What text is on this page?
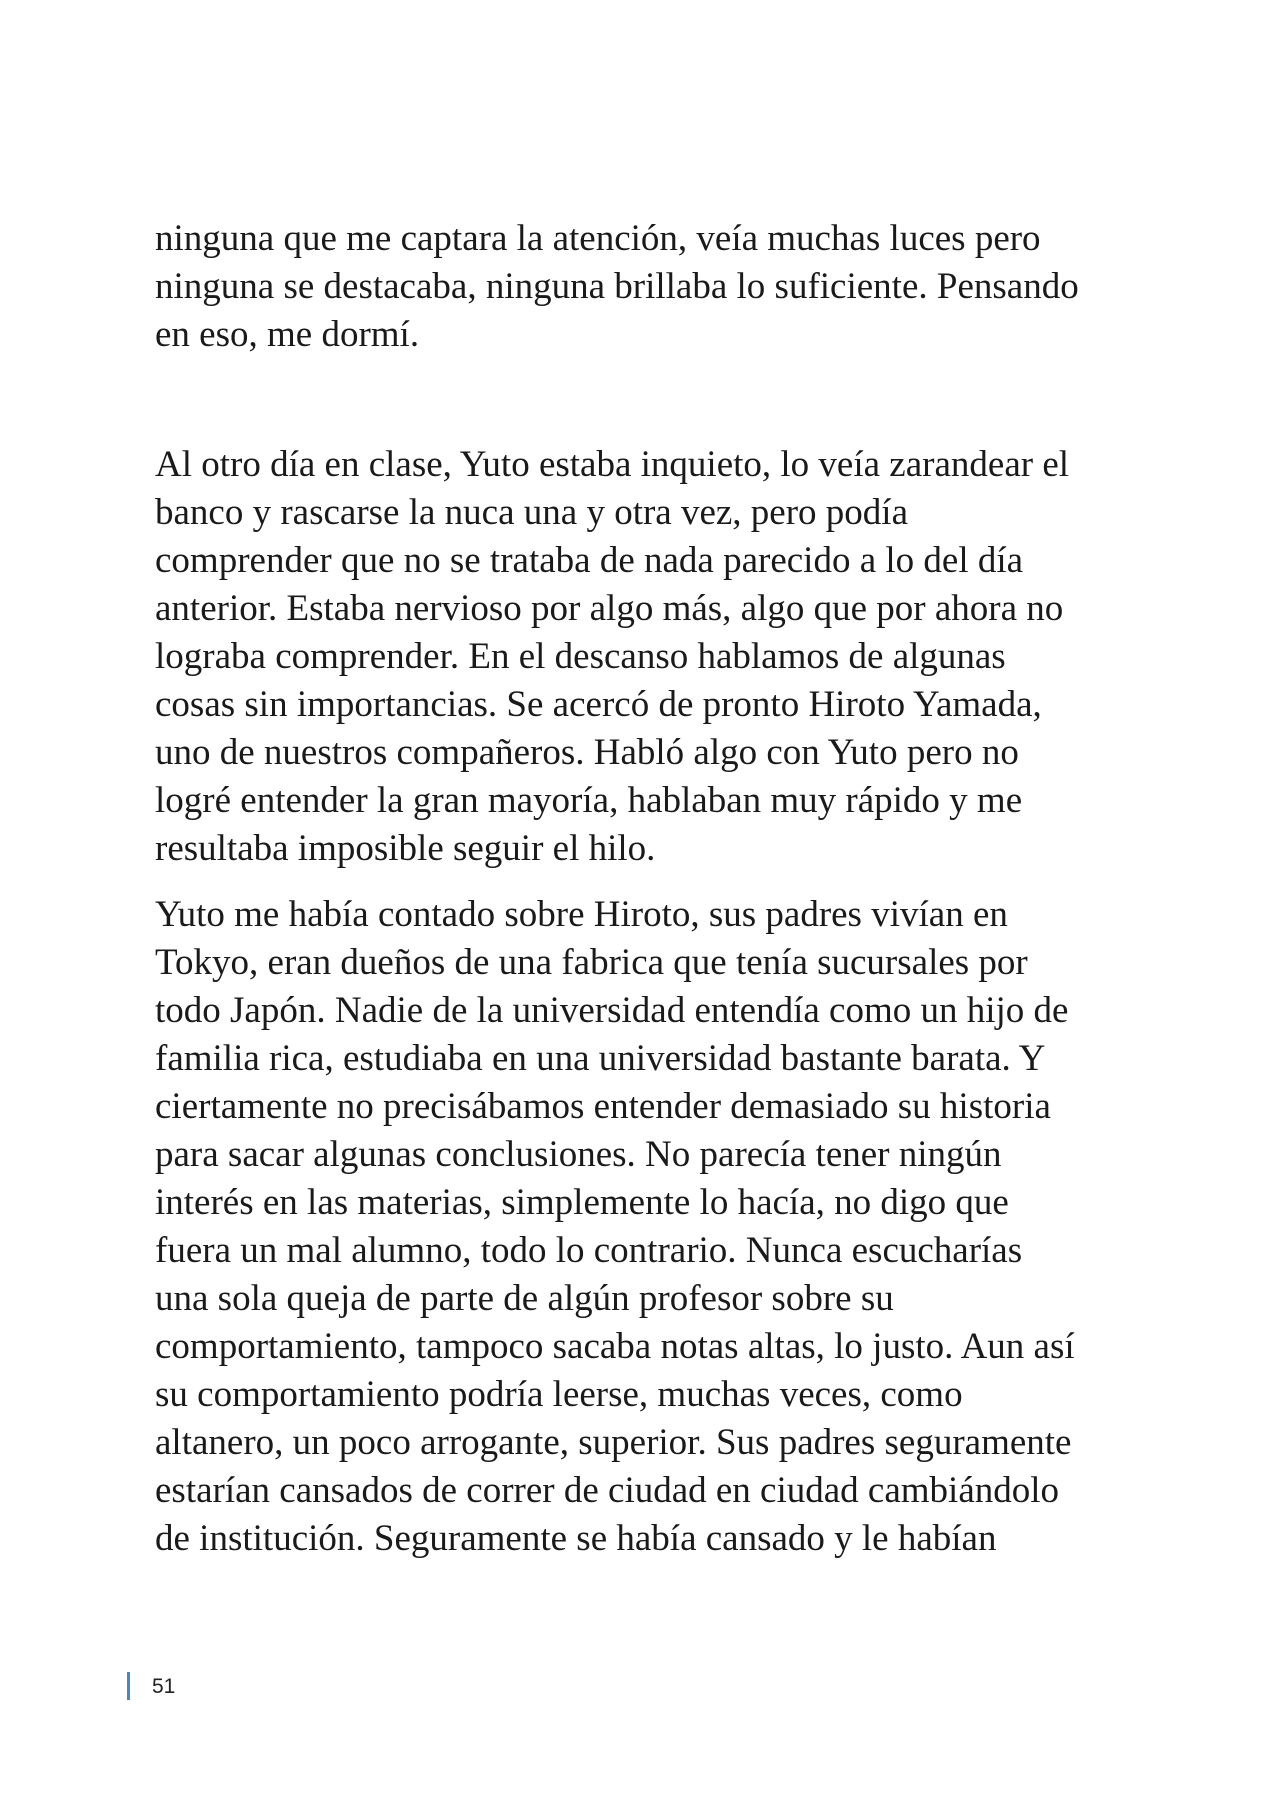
ninguna que me captara la atención, veía muchas luces pero
ninguna se destacaba, ninguna brillaba lo suficiente. Pensando
en eso, me dormí.
Al otro día en clase, Yuto estaba inquieto, lo veía zarandear el
banco y rascarse la nuca una y otra vez, pero podía
comprender que no se trataba de nada parecido a lo del día
anterior. Estaba nervioso por algo más, algo que por ahora no
lograba comprender. En el descanso hablamos de algunas
cosas sin importancias. Se acercó de pronto Hiroto Yamada,
uno de nuestros compañeros. Habló algo con Yuto pero no
logré entender la gran mayoría, hablaban muy rápido y me
resultaba imposible seguir el hilo.
Yuto me había contado sobre Hiroto, sus padres vivían en
Tokyo, eran dueños de una fabrica que tenía sucursales por
todo Japón. Nadie de la universidad entendía como un hijo de
familia rica, estudiaba en una universidad bastante barata. Y
ciertamente no precisábamos entender demasiado su historia
para sacar algunas conclusiones. No parecía tener ningún
interés en las materias, simplemente lo hacía, no digo que
fuera un mal alumno, todo lo contrario. Nunca escucharías
una sola queja de parte de algún profesor sobre su
comportamiento, tampoco sacaba notas altas, lo justo. Aun así
su comportamiento podría leerse, muchas veces, como
altanero, un poco arrogante, superior. Sus padres seguramente
estarían cansados de correr de ciudad en ciudad cambiándolo
de institución. Seguramente se había cansado y le habían
51
